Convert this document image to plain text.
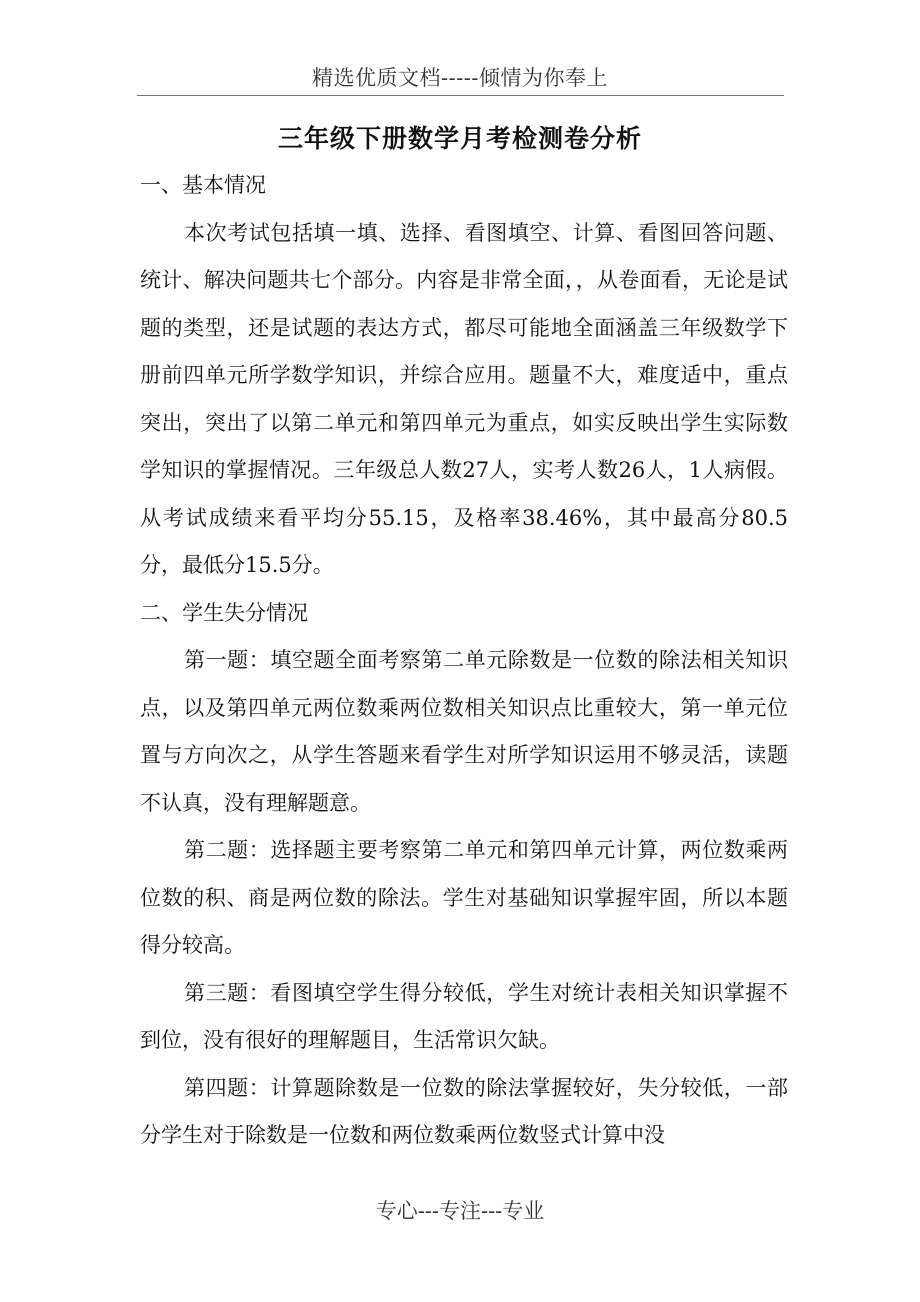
精选优质文档-----倾情为你奉上
三年级下册数学月考检测卷分析

一、基本情况

本次考试包括填一填、选择、看图填空、计算、看图回答问题、统计、解决问题共七个部分。内容是非常全面，，从卷面看，无论是试题的类型，还是试题的表达方式，都尽可能地全面涵盖三年级数学下册前四单元所学数学知识，并综合应用。题量不大，难度适中，重点突出，突出了以第二单元和第四单元为重点，如实反映出学生实际数学知识的掌握情况。三年级总人数27人，实考人数26人，1人病假。从考试成绩来看平均分55.15，及格率38.46%，其中最高分80.5分，最低分15.5分。

二、学生失分情况

第一题：填空题全面考察第二单元除数是一位数的除法相关知识点，以及第四单元两位数乘两位数相关知识点比重较大，第一单元位置与方向次之，从学生答题来看学生对所学知识运用不够灵活，读题不认真，没有理解题意。

第二题：选择题主要考察第二单元和第四单元计算，两位数乘两位数的积、商是两位数的除法。学生对基础知识掌握牢固，所以本题得分较高。

第三题：看图填空学生得分较低，学生对统计表相关知识掌握不到位，没有很好的理解题目，生活常识欠缺。

第四题：计算题除数是一位数的除法掌握较好，失分较低，一部分学生对于除数是一位数和两位数乘两位数竖式计算中没

专心---专注---专业
